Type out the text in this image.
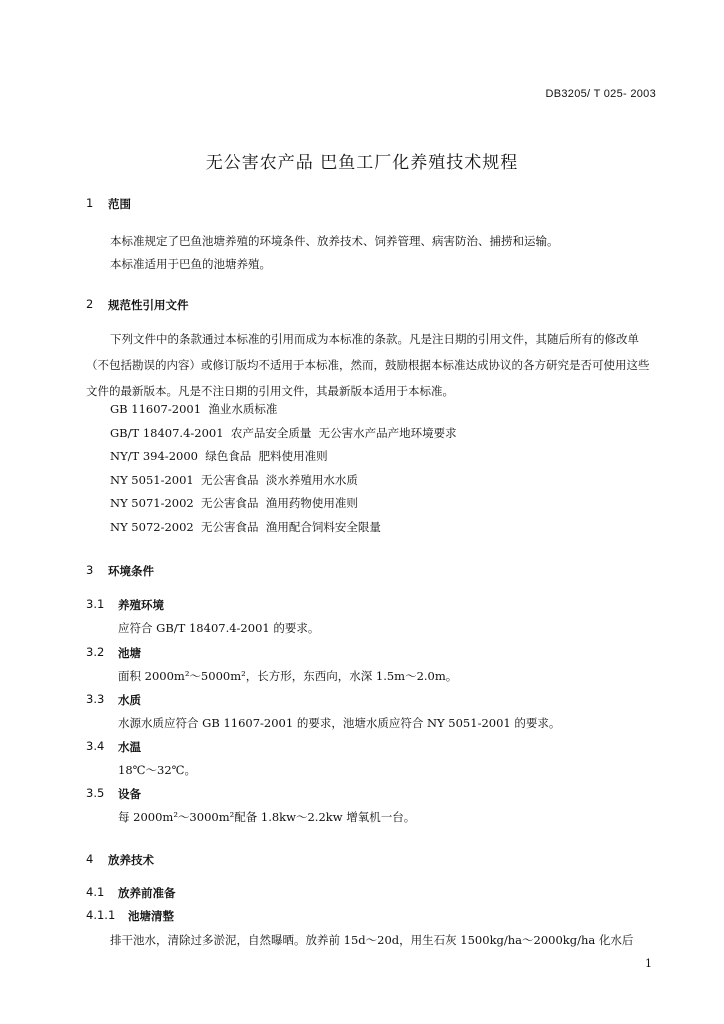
DB3205/ T 025- 2003
无公害农产品 巴鱼工厂化养殖技术规程
1	范围
本标准规定了巴鱼池塘养殖的环境条件、放养技术、饲养管理、病害防治、捕捞和运输。
本标准适用于巴鱼的池塘养殖。
2	规范性引用文件
下列文件中的条款通过本标准的引用而成为本标准的条款。凡是注日期的引用文件，其随后所有的修改单（不包括勘误的内容）或修订版均不适用于本标准，然而，鼓励根据本标准达成协议的各方研究是否可使用这些文件的最新版本。凡是不注日期的引用文件，其最新版本适用于本标准。
GB 11607-2001  渔业水质标准
GB/T 18407.4-2001  农产品安全质量  无公害水产品产地环境要求
NY/T 394-2000  绿色食品  肥料使用准则
NY 5051-2001  无公害食品  淡水养殖用水水质
NY 5071-2002  无公害食品  渔用药物使用准则
NY 5072-2002  无公害食品  渔用配合饲料安全限量
3	环境条件
3.1	养殖环境
应符合 GB/T 18407.4-2001 的要求。
3.2	池塘
面积 2000m²～5000m²，长方形，东西向，水深 1.5m～2.0m。
3.3	水质
水源水质应符合 GB 11607-2001 的要求，池塘水质应符合 NY 5051-2001 的要求。
3.4	水温
18℃～32℃。
3.5	设备
每 2000m²～3000m²配备 1.8kw～2.2kw 增氧机一台。
4	放养技术
4.1	放养前准备
4.1.1	池塘清整
排干池水，清除过多淤泥，自然曝晒。放养前 15d～20d，用生石灰 1500kg/ha～2000kg/ha 化水后
1
